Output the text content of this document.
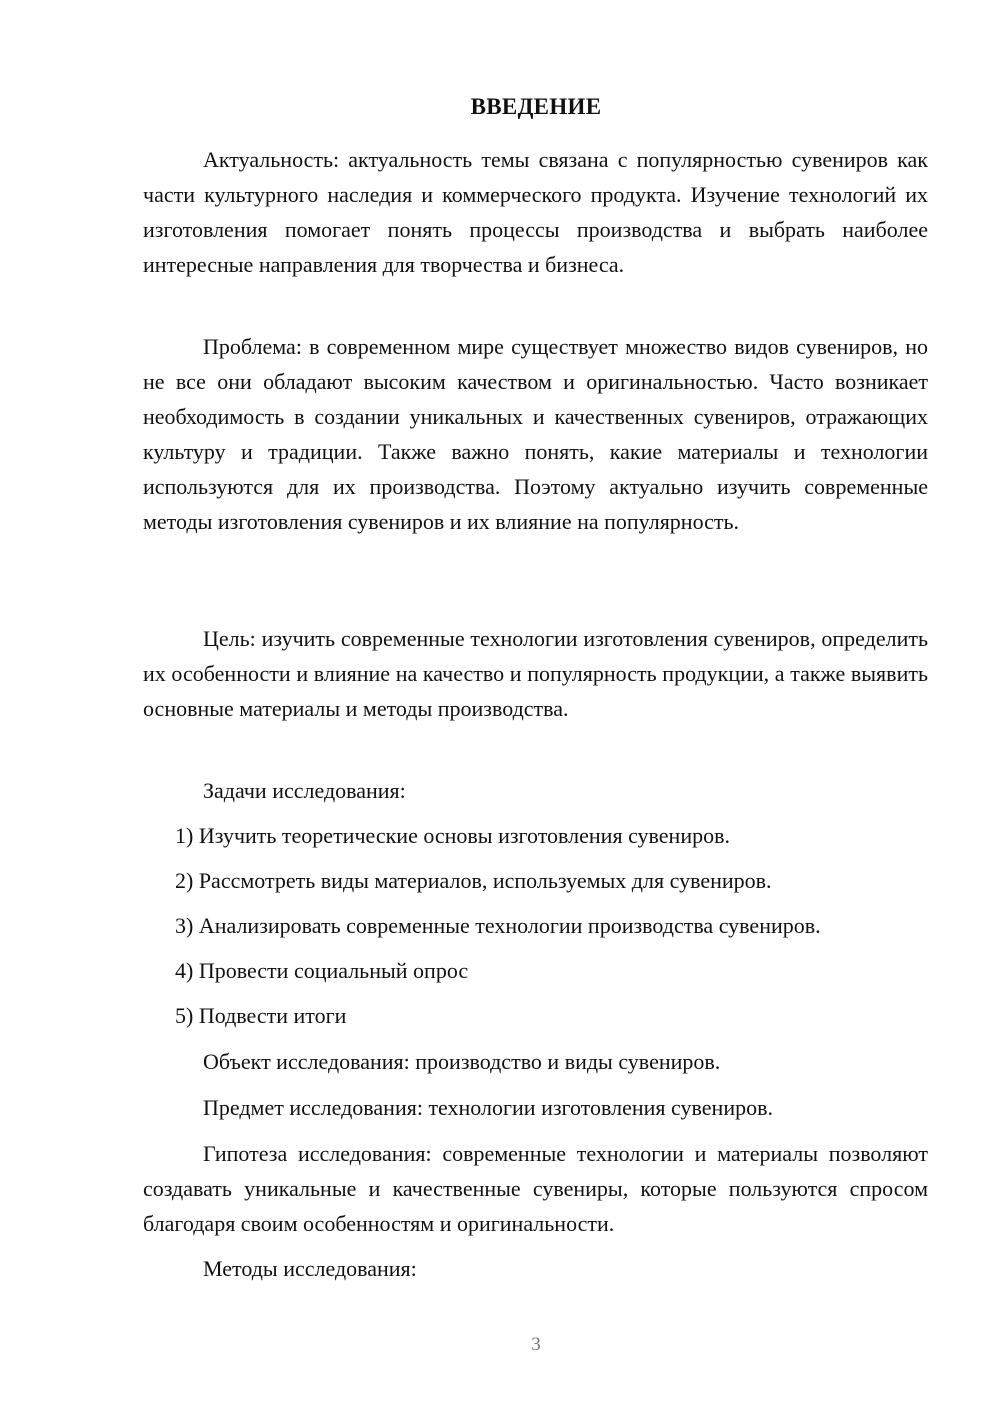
ВВЕДЕНИЕ

Актуальность: актуальность темы связана с популярностью сувениров как части культурного наследия и коммерческого продукта. Изучение технологий их изготовления помогает понять процессы производства и выбрать наиболее интересные направления для творчества и бизнеса.

Проблема: в современном мире существует множество видов сувениров, но не все они обладают высоким качеством и оригинальностью. Часто возникает необходимость в создании уникальных и качественных сувениров, отражающих культуру и традиции. Также важно понять, какие материалы и технологии используются для их производства. Поэтому актуально изучить современные методы изготовления сувениров и их влияние на популярность.

Цель: изучить современные технологии изготовления сувениров, определить их особенности и влияние на качество и популярность продукции, а также выявить основные материалы и методы производства.

Задачи исследования:

1) Изучить теоретические основы изготовления сувениров.

2) Рассмотреть виды материалов, используемых для сувениров.

3) Анализировать современные технологии производства сувениров.

4) Провести социальный опрос

5) Подвести итоги

Объект исследования: производство и виды сувениров.

Предмет исследования: технологии изготовления сувениров.

Гипотеза исследования: современные технологии и материалы позволяют создавать уникальные и качественные сувениры, которые пользуются спросом благодаря своим особенностям и оригинальности.

Методы исследования:

3
